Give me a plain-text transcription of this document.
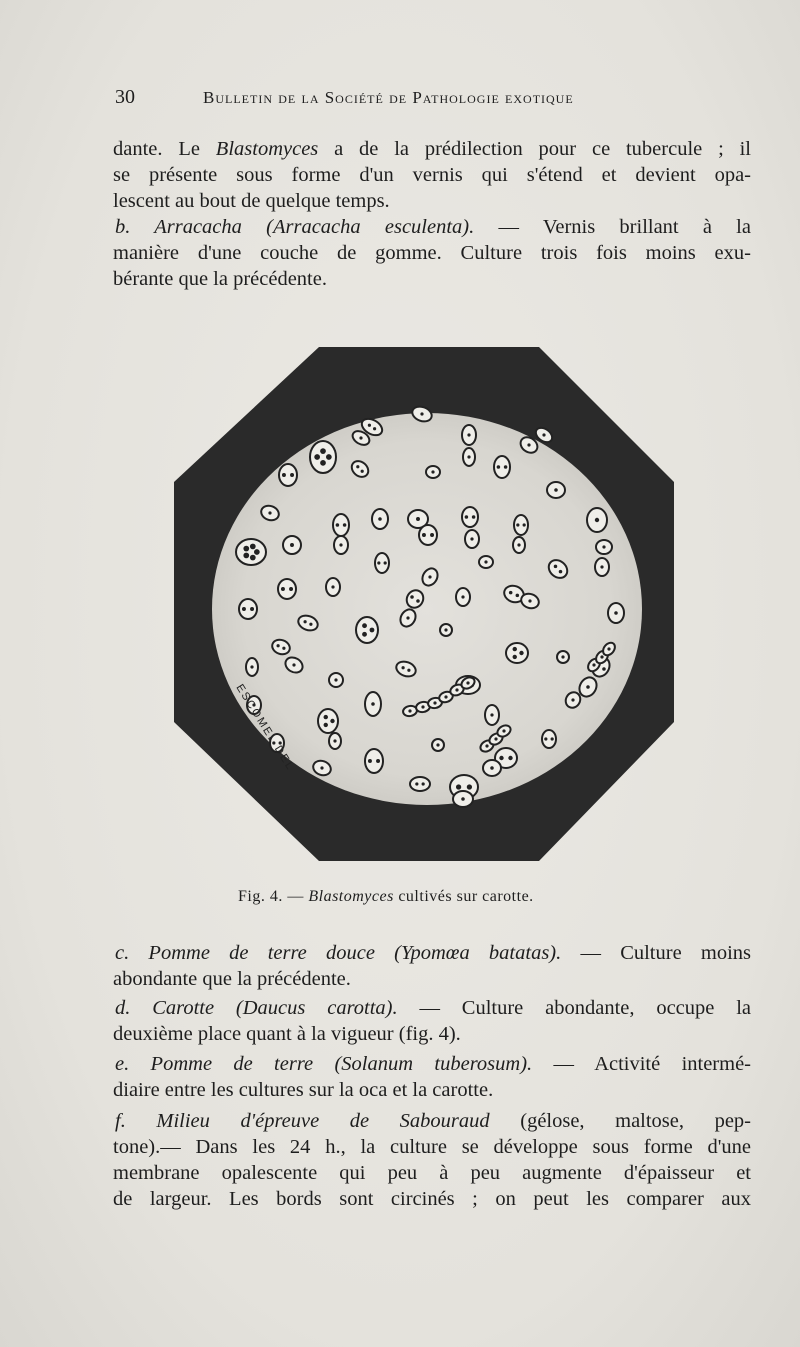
30	Bulletin de la Société de Pathologie exotique
dante. Le Blastomyces a de la prédilection pour ce tubercule ; il
se présente sous forme d'un vernis qui s'étend et devient opa-
lescent au bout de quelque temps.
b. Arracacha (Arracacha esculenta). — Vernis brillant à la
manière d'une couche de gomme. Culture trois fois moins exu-
bérante que la précédente.
ESCOMEL DEL
Fig. 4. — Blastomyces cultivés sur carotte.
c. Pomme de terre douce (Ypomœa batatas). — Culture moins
abondante que la précédente.
d. Carotte (Daucus carotta). — Culture abondante, occupe la
deuxième place quant à la vigueur (fig. 4).
e. Pomme de terre (Solanum tuberosum). — Activité intermé-
diaire entre les cultures sur la oca et la carotte.
f. Milieu d'épreuve de Sabouraud (gélose, maltose, pep-
tone).— Dans les 24 h., la culture se développe sous forme d'une
membrane opalescente qui peu à peu augmente d'épaisseur et
de largeur. Les bords sont circinés ; on peut les comparer aux
